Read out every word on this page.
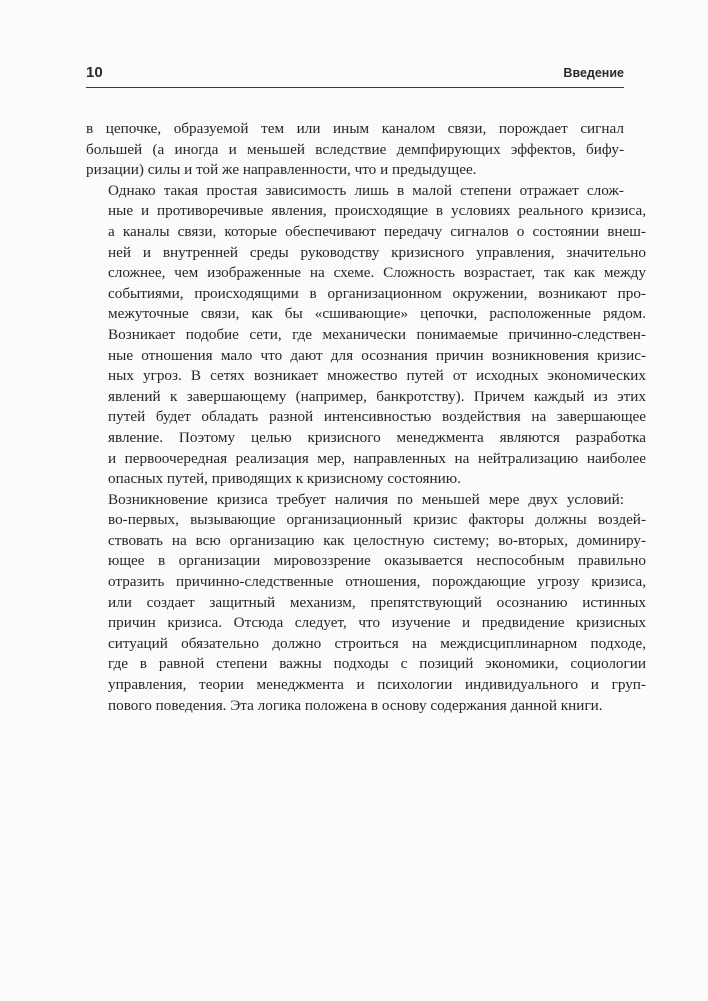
10	Введение

в цепочке, образуемой тем или иным каналом связи, порождает сигнал
большей (а иногда и меньшей вследствие демпфирующих эффектов, бифу-
ризации) силы и той же направленности, что и предыдущее.

Однако такая простая зависимость лишь в малой степени отражает слож-
ные и противоречивые явления, происходящие в условиях реального кризиса,
а каналы связи, которые обеспечивают передачу сигналов о состоянии внеш-
ней и внутренней среды руководству кризисного управления, значительно
сложнее, чем изображенные на схеме. Сложность возрастает, так как между
событиями, происходящими в организационном окружении, возникают про-
межуточные связи, как бы «сшивающие» цепочки, расположенные рядом.
Возникает подобие сети, где механически понимаемые причинно-следствен-
ные отношения мало что дают для осознания причин возникновения кризис-
ных угроз. В сетях возникает множество путей от исходных экономических
явлений к завершающему (например, банкротству). Причем каждый из этих
путей будет обладать разной интенсивностью воздействия на завершающее
явление. Поэтому целью кризисного менеджмента являются разработка
и первоочередная реализация мер, направленных на нейтрализацию наиболее
опасных путей, приводящих к кризисному состоянию.

Возникновение кризиса требует наличия по меньшей мере двух условий:
во-первых, вызывающие организационный кризис факторы должны воздей-
ствовать на всю организацию как целостную систему; во-вторых, доминиру-
ющее в организации мировоззрение оказывается неспособным правильно
отразить причинно-следственные отношения, порождающие угрозу кризиса,
или создает защитный механизм, препятствующий осознанию истинных
причин кризиса. Отсюда следует, что изучение и предвидение кризисных
ситуаций обязательно должно строиться на междисциплинарном подходе,
где в равной степени важны подходы с позиций экономики, социологии
управления, теории менеджмента и психологии индивидуального и груп-
пового поведения. Эта логика положена в основу содержания данной книги.
